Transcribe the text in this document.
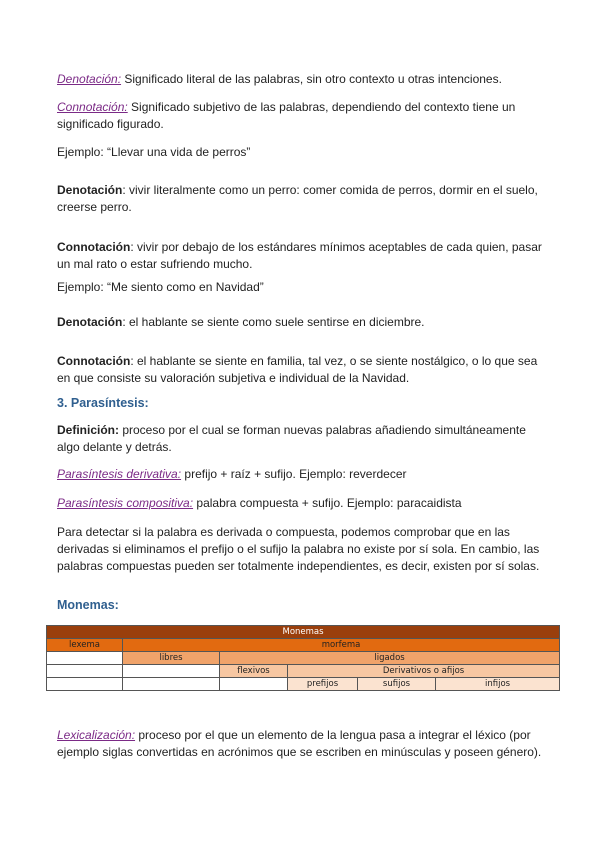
Denotación: Significado literal de las palabras, sin otro contexto u otras intenciones.

Connotación: Significado subjetivo de las palabras, dependiendo del contexto tiene un significado figurado.

Ejemplo: “Llevar una vida de perros”

Denotación: vivir literalmente como un perro: comer comida de perros, dormir en el suelo, creerse perro.

Connotación: vivir por debajo de los estándares mínimos aceptables de cada quien, pasar un mal rato o estar sufriendo mucho.

Ejemplo: “Me siento como en Navidad”

Denotación: el hablante se siente como suele sentirse en diciembre.

Connotación: el hablante se siente en familia, tal vez, o se siente nostálgico, o lo que sea en que consiste su valoración subjetiva e individual de la Navidad.

3. Parasíntesis:

Definición: proceso por el cual se forman nuevas palabras añadiendo simultáneamente algo delante y detrás.

Parasíntesis derivativa: prefijo + raíz + sufijo. Ejemplo: reverdecer

Parasíntesis compositiva: palabra compuesta + sufijo. Ejemplo: paracaidista

Para detectar si la palabra es derivada o compuesta, podemos comprobar que en las derivadas si eliminamos el prefijo o el sufijo la palabra no existe por sí sola. En cambio, las palabras compuestas pueden ser totalmente independientes, es decir, existen por sí solas.

Monemas:

Monemas					
lexema	morfema				
	libres	ligados			
		flexivos	Derivativos o afijos		
			prefijos	sufijos	infijos

Lexicalización: proceso por el que un elemento de la lengua pasa a integrar el léxico (por ejemplo siglas convertidas en acrónimos que se escriben en minúsculas y poseen género).
